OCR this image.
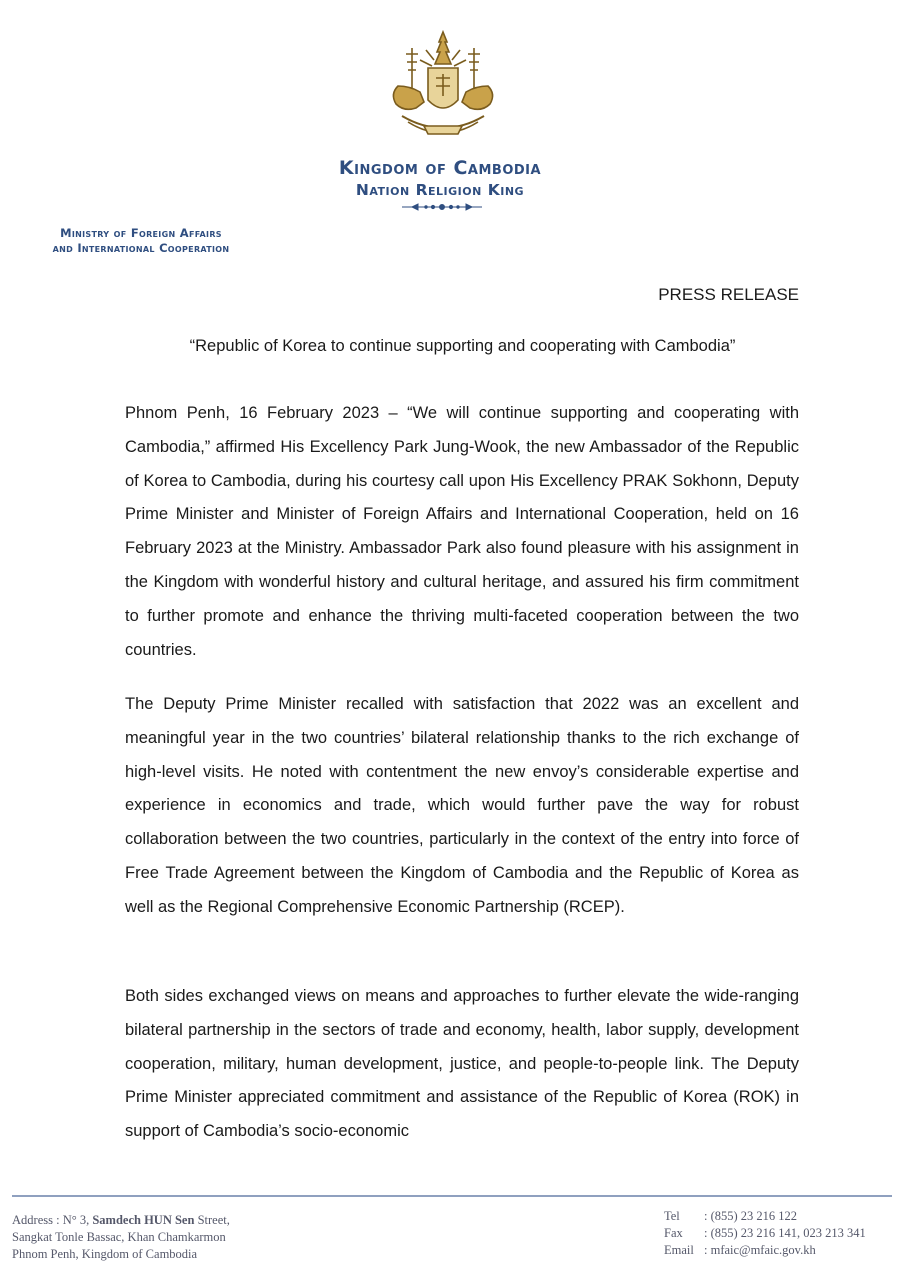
Kingdom of Cambodia
Nation Religion King
Ministry of Foreign Affairs
and International Cooperation
PRESS RELEASE
“Republic of Korea to continue supporting and cooperating with Cambodia”

Phnom Penh, 16 February 2023 – “We will continue supporting and cooperating with Cambodia,” affirmed His Excellency Park Jung-Wook, the new Ambassador of the Republic of Korea to Cambodia, during his courtesy call upon His Excellency PRAK Sokhonn, Deputy Prime Minister and Minister of Foreign Affairs and International Cooperation, held on 16 February 2023 at the Ministry. Ambassador Park also found pleasure with his assignment in the Kingdom with wonderful history and cultural heritage, and assured his firm commitment to further promote and enhance the thriving multi-faceted cooperation between the two countries.

The Deputy Prime Minister recalled with satisfaction that 2022 was an excellent and meaningful year in the two countries’ bilateral relationship thanks to the rich exchange of high-level visits. He noted with contentment the new envoy’s considerable expertise and experience in economics and trade, which would further pave the way for robust collaboration between the two countries, particularly in the context of the entry into force of Free Trade Agreement between the Kingdom of Cambodia and the Republic of Korea as well as the Regional Comprehensive Economic Partnership (RCEP).

Both sides exchanged views on means and approaches to further elevate the wide-ranging bilateral partnership in the sectors of trade and economy, health, labor supply, development cooperation, military, human development, justice, and people-to-people link. The Deputy Prime Minister appreciated commitment and assistance of the Republic of Korea (ROK) in support of Cambodia’s socio-economic

Address : N° 3, Samdech HUN Sen Street,
Sangkat Tonle Bassac, Khan Chamkarmon
Phnom Penh, Kingdom of Cambodia
Tel : (855) 23 216 122
Fax : (855) 23 216 141, 023 213 341
Email : mfaic@mfaic.gov.kh
